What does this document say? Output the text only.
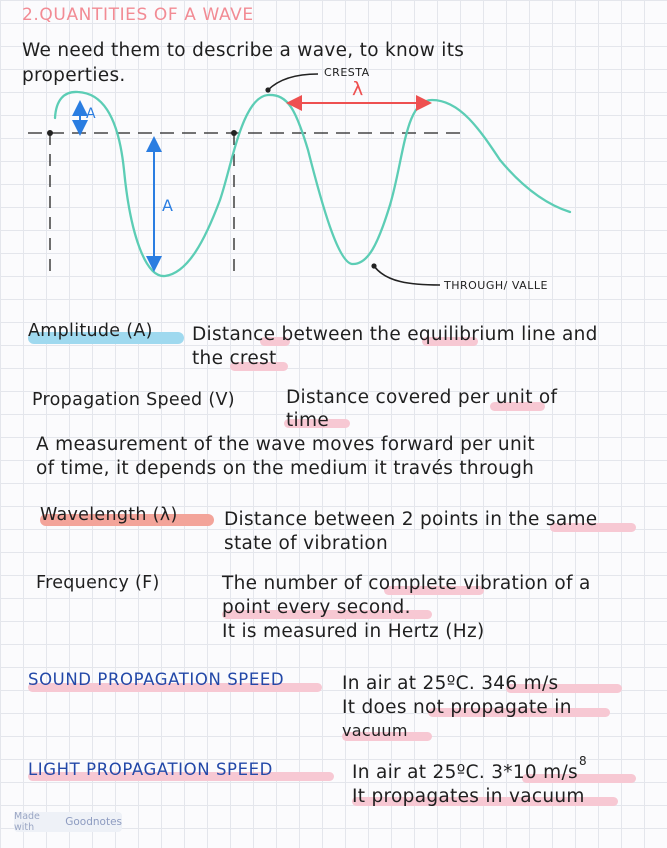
2.QUANTITIES OF A WAVE
We need them to describe a wave, to know its
properties.	CRESTA
λ
A
A
THROUGH/ VALLE
Amplitude (A) Distance between the equilibrium line and
the crest
Propagation Speed (V)	Distance covered per unit of
time
A measurement of the wave moves forward per unit
of time, it depends on the medium it través through
Wavelength (λ)	Distance between 2 points in the same
state of vibration
Frequency (F)	The number of complete vibration of a
point every second.
It is measured in Hertz (Hz)
SOUND PROPAGATION SPEED	In air at 25ºC. 346 m/s
It does not propagate in
vacuum
LIGHT PROPAGATION SPEED	In air at 25ºC. 3*10 m/s
8
It propagates in vacuum
Made with	Goodnotes
